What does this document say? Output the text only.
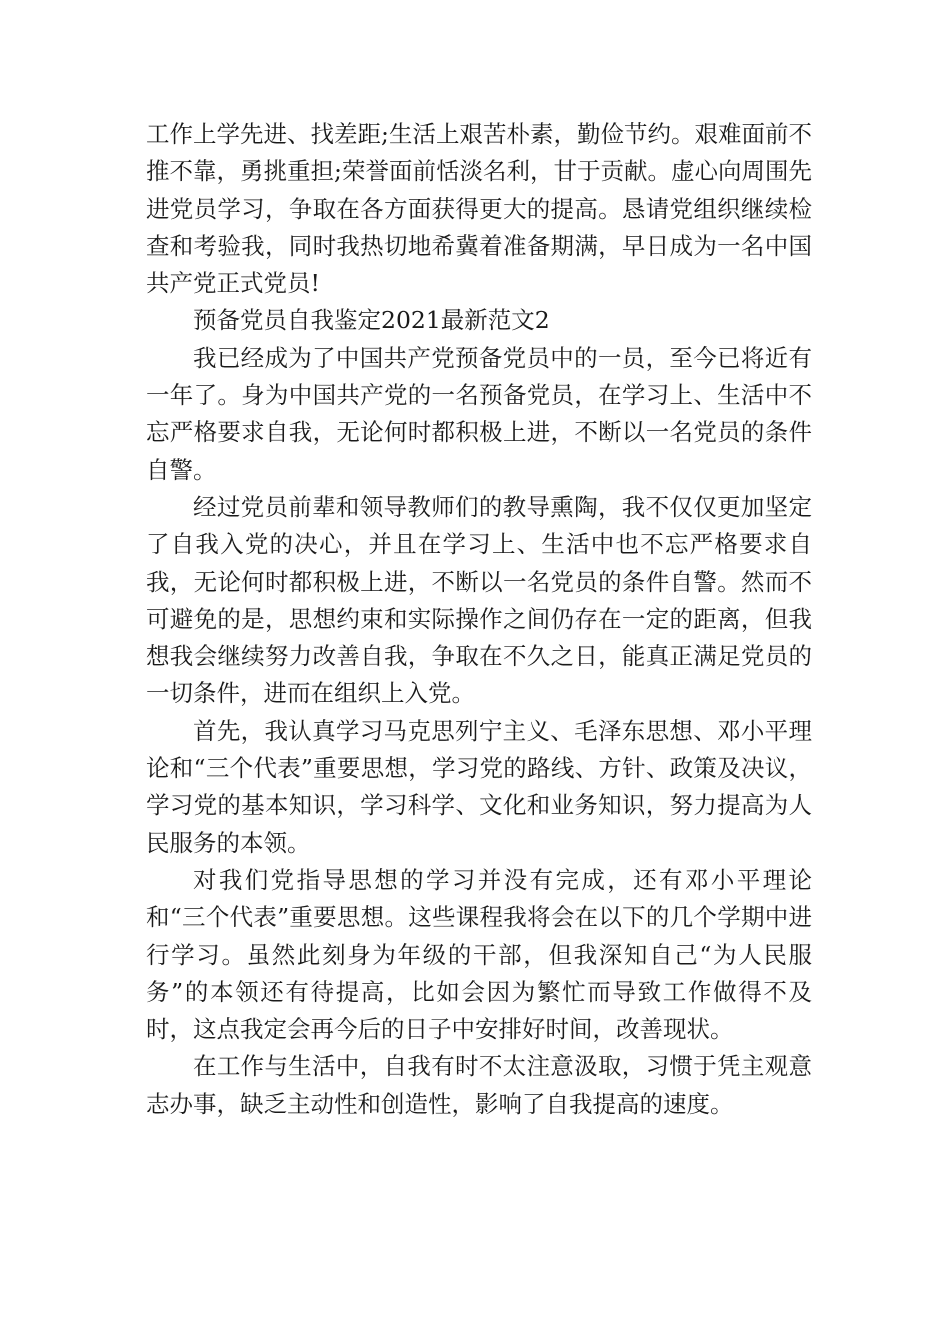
工作上学先进、找差距;生活上艰苦朴素，勤俭节约。艰难面前不推不靠，勇挑重担;荣誉面前恬淡名利，甘于贡献。虚心向周围先进党员学习，争取在各方面获得更大的提高。恳请党组织继续检查和考验我，同时我热切地希冀着准备期满，早日成为一名中国共产党正式党员!

预备党员自我鉴定2021最新范文2

我已经成为了中国共产党预备党员中的一员，至今已将近有一年了。身为中国共产党的一名预备党员，在学习上、生活中不忘严格要求自我，无论何时都积极上进，不断以一名党员的条件自警。

经过党员前辈和领导教师们的教导熏陶，我不仅仅更加坚定了自我入党的决心，并且在学习上、生活中也不忘严格要求自我，无论何时都积极上进，不断以一名党员的条件自警。然而不可避免的是，思想约束和实际操作之间仍存在一定的距离，但我想我会继续努力改善自我，争取在不久之日，能真正满足党员的一切条件，进而在组织上入党。

首先，我认真学习马克思列宁主义、毛泽东思想、邓小平理论和“三个代表”重要思想，学习党的路线、方针、政策及决议，学习党的基本知识，学习科学、文化和业务知识，努力提高为人民服务的本领。

对我们党指导思想的学习并没有完成，还有邓小平理论和“三个代表”重要思想。这些课程我将会在以下的几个学期中进行学习。虽然此刻身为年级的干部，但我深知自己“为人民服务”的本领还有待提高，比如会因为繁忙而导致工作做得不及时，这点我定会再今后的日子中安排好时间，改善现状。

在工作与生活中，自我有时不太注意汲取，习惯于凭主观意志办事，缺乏主动性和创造性，影响了自我提高的速度。
